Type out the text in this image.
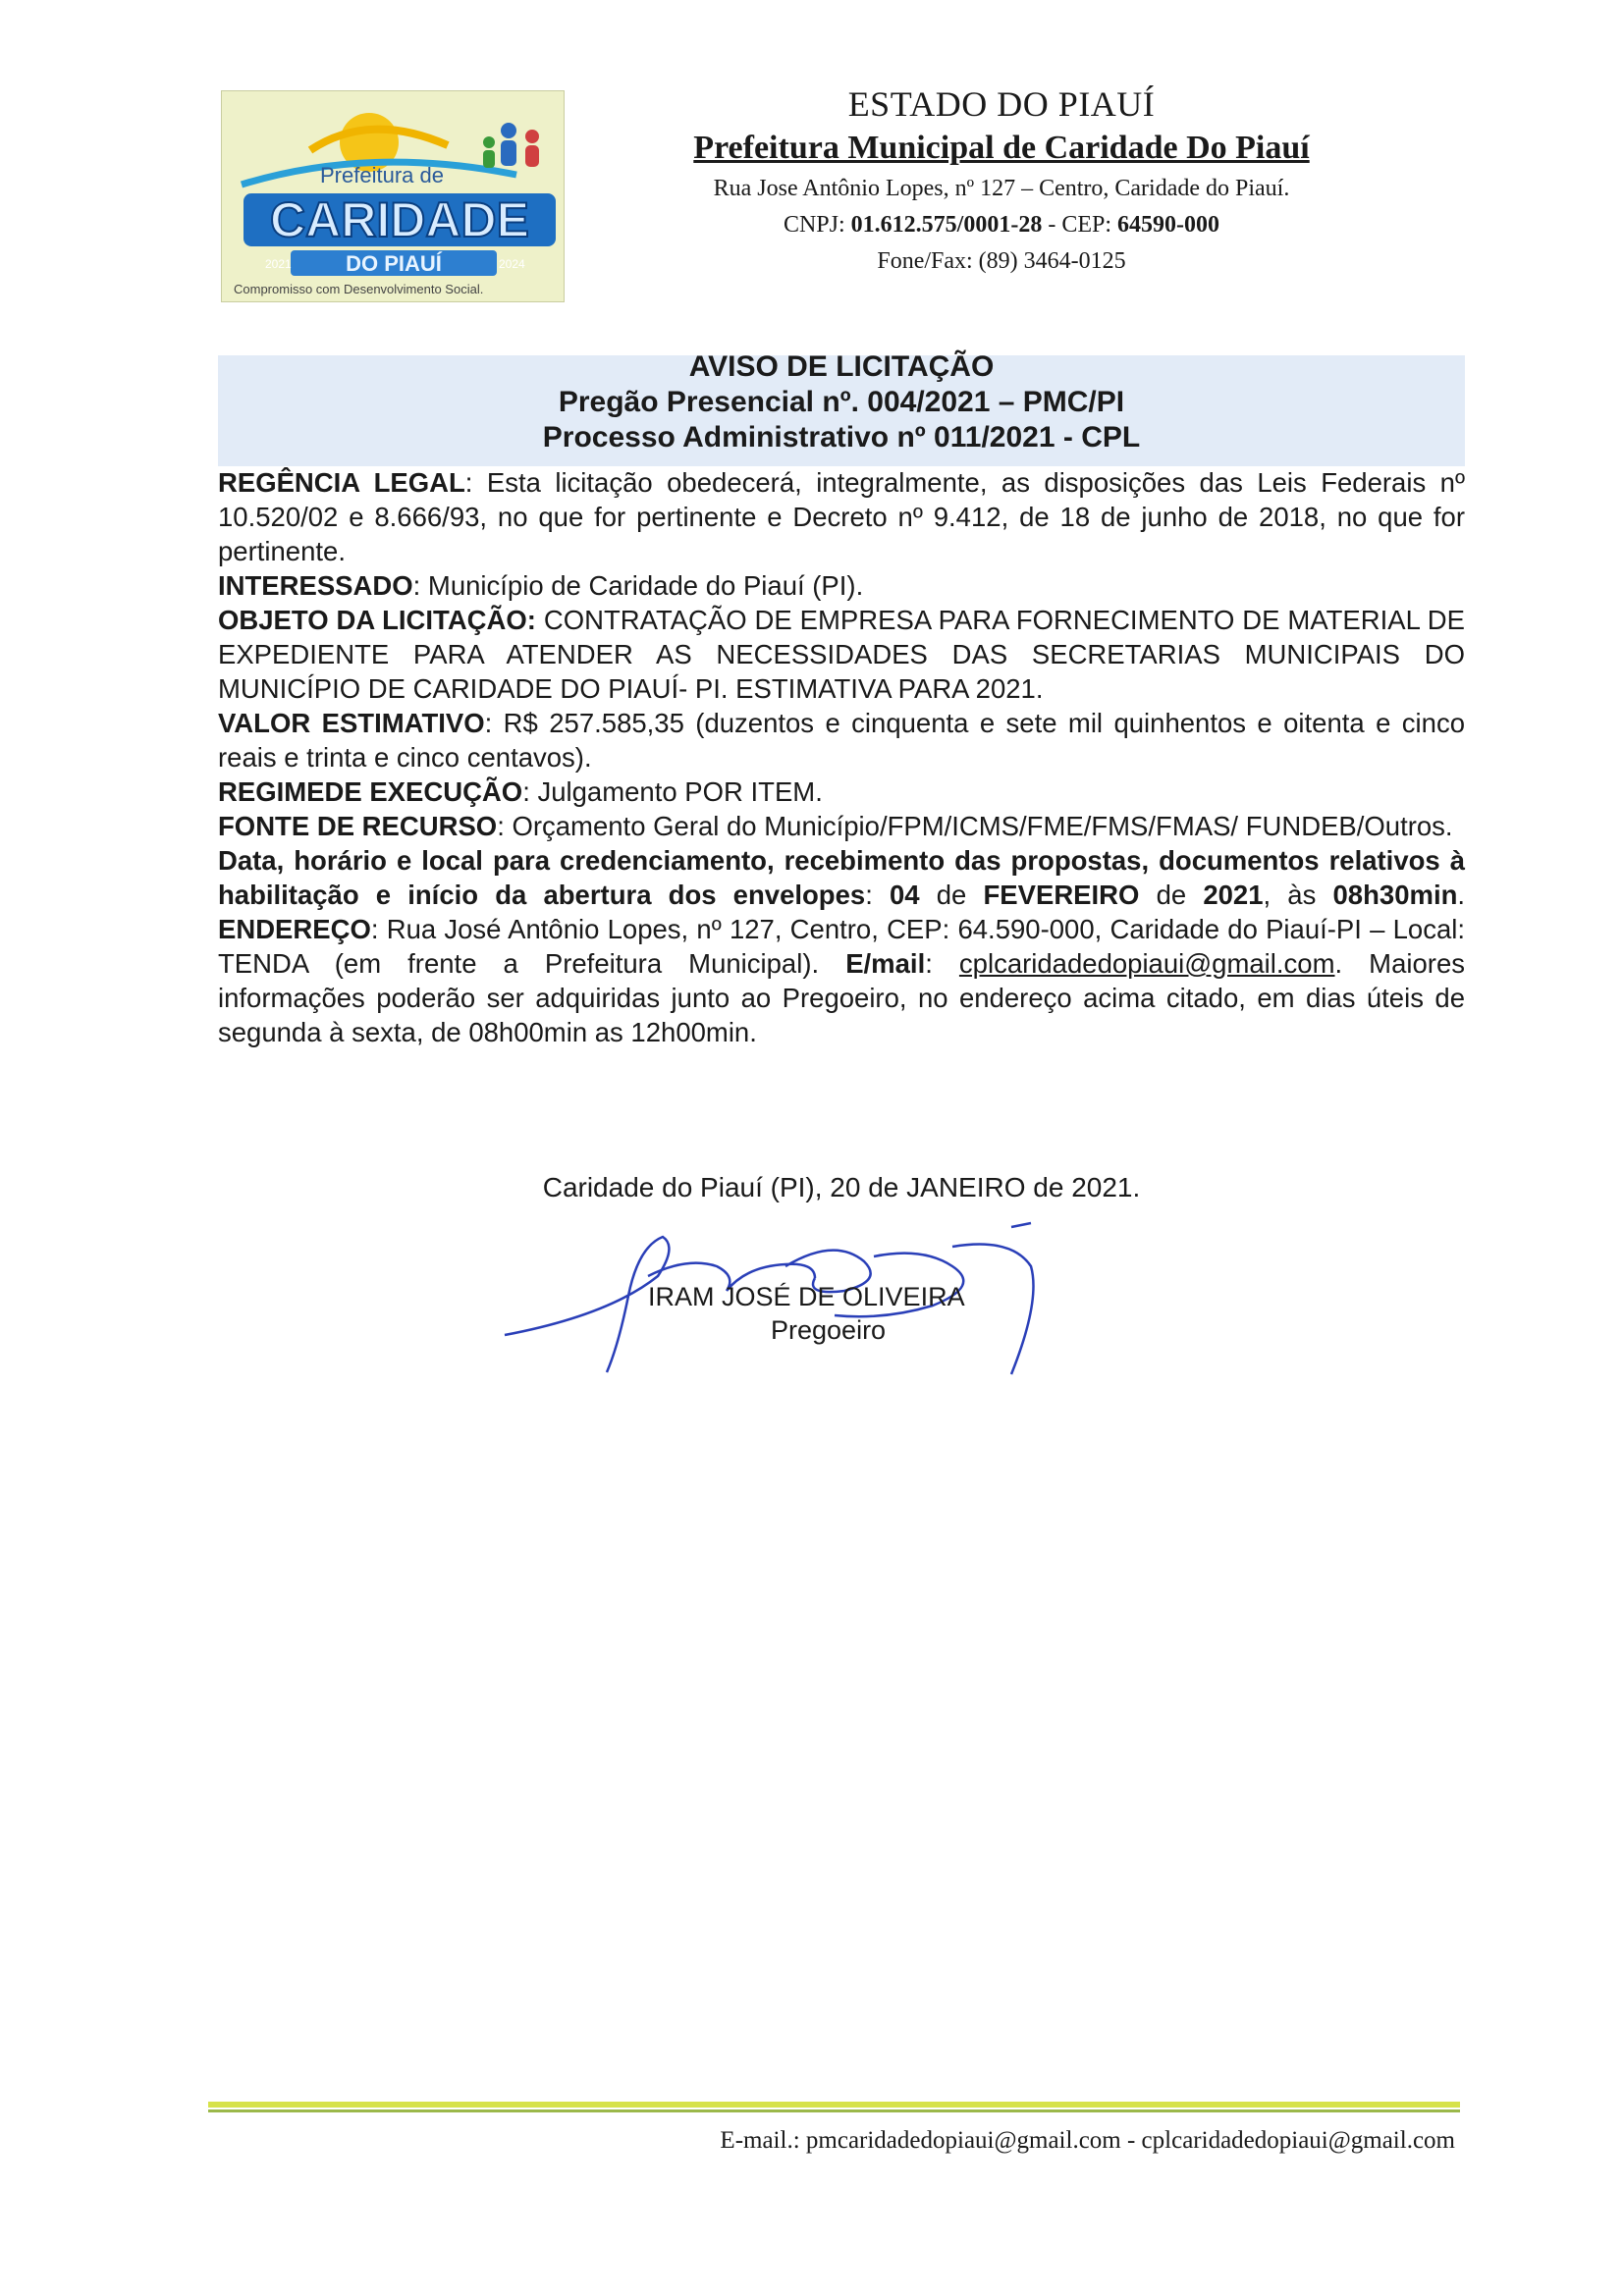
Prefeitura de
CARIDADE
DO PIAUÍ
2021	2024
Compromisso com Desenvolvimento Social.

ESTADO DO PIAUÍ

Prefeitura Municipal de Caridade Do Piauí

Rua Jose Antônio Lopes, nº 127 – Centro, Caridade do Piauí.

CNPJ: 01.612.575/0001-28 - CEP: 64590-000

Fone/Fax: (89) 3464-0125

AVISO DE LICITAÇÃO
Pregão Presencial nº. 004/2021 – PMC/PI
Processo Administrativo nº 011/2021 - CPL

REGÊNCIA LEGAL: Esta licitação obedecerá, integralmente, as disposições das Leis Federais nº 10.520/02 e 8.666/93, no que for pertinente e Decreto nº 9.412, de 18 de junho de 2018, no que for pertinente.

INTERESSADO: Município de Caridade do Piauí (PI).

OBJETO DA LICITAÇÃO: CONTRATAÇÃO DE EMPRESA PARA FORNECIMENTO DE MATERIAL DE EXPEDIENTE PARA ATENDER AS NECESSIDADES DAS SECRETARIAS MUNICIPAIS DO MUNICÍPIO DE CARIDADE DO PIAUÍ- PI. ESTIMATIVA PARA 2021.

VALOR ESTIMATIVO: R$ 257.585,35 (duzentos e cinquenta e sete mil quinhentos e oitenta e cinco reais e trinta e cinco centavos).

REGIMEDE EXECUÇÃO: Julgamento POR ITEM.

FONTE DE RECURSO: Orçamento Geral do Município/FPM/ICMS/FME/FMS/FMAS/ FUNDEB/Outros.

Data, horário e local para credenciamento, recebimento das propostas, documentos relativos à habilitação e início da abertura dos envelopes: 04 de FEVEREIRO de 2021, às 08h30min. ENDEREÇO: Rua José Antônio Lopes, nº 127, Centro, CEP: 64.590-000, Caridade do Piauí-PI – Local: TENDA (em frente a Prefeitura Municipal). E/mail: cplcaridadedopiaui@gmail.com. Maiores informações poderão ser adquiridas junto ao Pregoeiro, no endereço acima citado, em dias úteis de segunda à sexta, de 08h00min as 12h00min.

Caridade do Piauí (PI), 20 de JANEIRO de 2021.
IRAM JOSÉ DE OLIVEIRA
Pregoeiro
E-mail.: pmcaridadedopiaui@gmail.com - cplcaridadedopiaui@gmail.com
